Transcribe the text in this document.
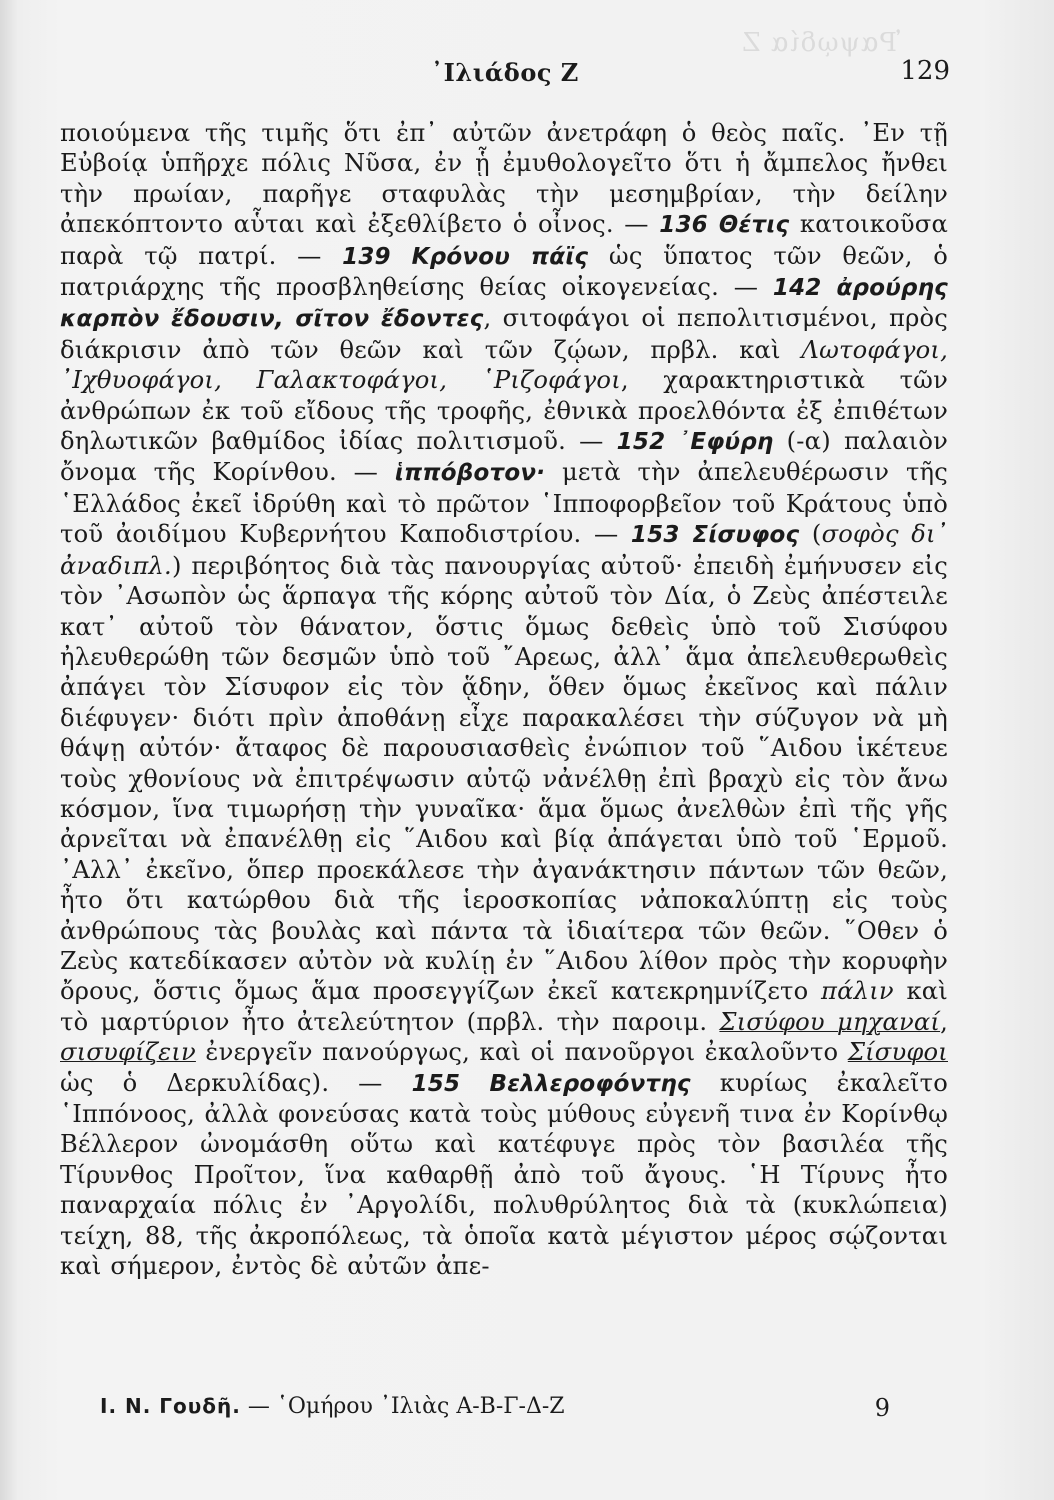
Ῥαψῳδία Ζ
᾿Ιλιάδος Ζ	129

ποιούμενα τῆς τιμῆς ὅτι ἐπ᾿ αὐτῶν ἀνετράφη ὁ θεὸς παῖς. ᾿Εν τῇ Εὐβοίᾳ ὑπῆρχε πόλις Νῦσα, ἐν ᾗ ἐμυθολογεῖτο ὅτι ἡ ἄμπελος ἤνθει τὴν πρωίαν, παρῆγε σταφυλὰς τὴν μεσημβρίαν, τὴν δείλην ἀπεκόπτοντο αὗται καὶ ἐξεθλίβετο ὁ οἶνος. — 136 Θέτις κατοικοῦσα παρὰ τῷ πατρί. — 139 Κρόνου πάϊς ὡς ὕπατος τῶν θεῶν, ὁ πατριάρχης τῆς προσβληθείσης θείας οἰκογενείας. — 142 ἀρούρης καρπὸν ἔδουσιν, σῖτον ἔδοντες, σιτοφάγοι οἱ πεπολιτισμένοι, πρὸς διάκρισιν ἀπὸ τῶν θεῶν καὶ τῶν ζῴων, πρβλ. καὶ Λωτοφάγοι, ᾿Ιχθυοφάγοι, Γαλακτοφάγοι, ῾Ριζοφάγοι, χαρακτηριστικὰ τῶν ἀνθρώπων ἐκ τοῦ εἴδους τῆς τροφῆς, ἐθνικὰ προελθόντα ἐξ ἐπιθέτων δηλωτικῶν βαθμίδος ἰδίας πολιτισμοῦ. — 152 ᾿Εφύρη (-α) παλαιὸν ὄνομα τῆς Κορίνθου. — ἱππόβοτον· μετὰ τὴν ἀπελευθέρωσιν τῆς ῾Ελλάδος ἐκεῖ ἱδρύθη καὶ τὸ πρῶτον ῾Ιπποφορβεῖον τοῦ Κράτους ὑπὸ τοῦ ἀοιδίμου Κυβερνήτου Καποδιστρίου. — 153 Σίσυφος (σοφὸς δι᾿ ἀναδιπλ.) περιβόητος διὰ τὰς πανουργίας αὐτοῦ· ἐπειδὴ ἐμήνυσεν εἰς τὸν ᾿Ασωπὸν ὡς ἅρπαγα τῆς κόρης αὐτοῦ τὸν Δία, ὁ Ζεὺς ἀπέστειλε κατ᾿ αὐτοῦ τὸν θάνατον, ὅστις ὅμως δεθεὶς ὑπὸ τοῦ Σισύφου ἠλευθερώθη τῶν δεσμῶν ὑπὸ τοῦ ῎Αρεως, ἀλλ᾿ ἅμα ἀπελευθερωθεὶς ἀπάγει τὸν Σίσυφον εἰς τὸν ᾅδην, ὅθεν ὅμως ἐκεῖνος καὶ πάλιν διέφυγεν· διότι πρὶν ἀποθάνῃ εἶχε παρακαλέσει τὴν σύζυγον νὰ μὴ θάψῃ αὐτόν· ἄταφος δὲ παρουσιασθεὶς ἐνώπιον τοῦ ῞Αιδου ἱκέτευε τοὺς χθονίους νὰ ἐπιτρέψωσιν αὐτῷ νἀνέλθῃ ἐπὶ βραχὺ εἰς τὸν ἄνω κόσμον, ἵνα τιμωρήσῃ τὴν γυναῖκα· ἅμα ὅμως ἀνελθὼν ἐπὶ τῆς γῆς ἀρνεῖται νὰ ἐπανέλθῃ εἰς ῞Αιδου καὶ βίᾳ ἀπάγεται ὑπὸ τοῦ ῾Ερμοῦ. ᾿Αλλ᾿ ἐκεῖνο, ὅπερ προεκάλεσε τὴν ἀγανάκτησιν πάντων τῶν θεῶν, ἦτο ὅτι κατώρθου διὰ τῆς ἱεροσκοπίας νἀποκαλύπτῃ εἰς τοὺς ἀνθρώπους τὰς βουλὰς καὶ πάντα τὰ ἰδιαίτερα τῶν θεῶν. ῞Οθεν ὁ Ζεὺς κατεδίκασεν αὐτὸν νὰ κυλίῃ ἐν ῞Αιδου λίθον πρὸς τὴν κορυφὴν ὄρους, ὅστις ὅμως ἅμα προσεγγίζων ἐκεῖ κατεκρημνίζετο πάλιν καὶ τὸ μαρτύριον ἦτο ἀτελεύτητον (πρβλ. τὴν παροιμ. Σισύφου μηχαναί, σισυφίζειν ἐνεργεῖν πανούργως, καὶ οἱ πανοῦργοι ἐκαλοῦντο Σίσυφοι ὡς ὁ Δερκυλίδας). — 155 Βελλεροφόντης κυρίως ἐκαλεῖτο ῾Ιππόνοος, ἀλλὰ φονεύσας κατὰ τοὺς μύθους εὐγενῆ τινα ἐν Κορίνθῳ Βέλλερον ὠνομάσθη οὕτω καὶ κατέφυγε πρὸς τὸν βασιλέα τῆς Τίρυνθος Προῖτον, ἵνα καθαρθῇ ἀπὸ τοῦ ἄγους. ῾Η Τίρυνς ἦτο παναρχαία πόλις ἐν ᾿Αργολίδι, πολυθρύλητος διὰ τὰ (κυκλώπεια) τείχη, 88, τῆς ἀκροπόλεως, τὰ ὁποῖα κατὰ μέγιστον μέρος σῴζονται καὶ σήμερον, ἐντὸς δὲ αὐτῶν ἀπε-

Ι. Ν. Γουδῆ. — ῾Ομήρου ᾿Ιλιὰς Α-Β-Γ-Δ-Ζ	9
